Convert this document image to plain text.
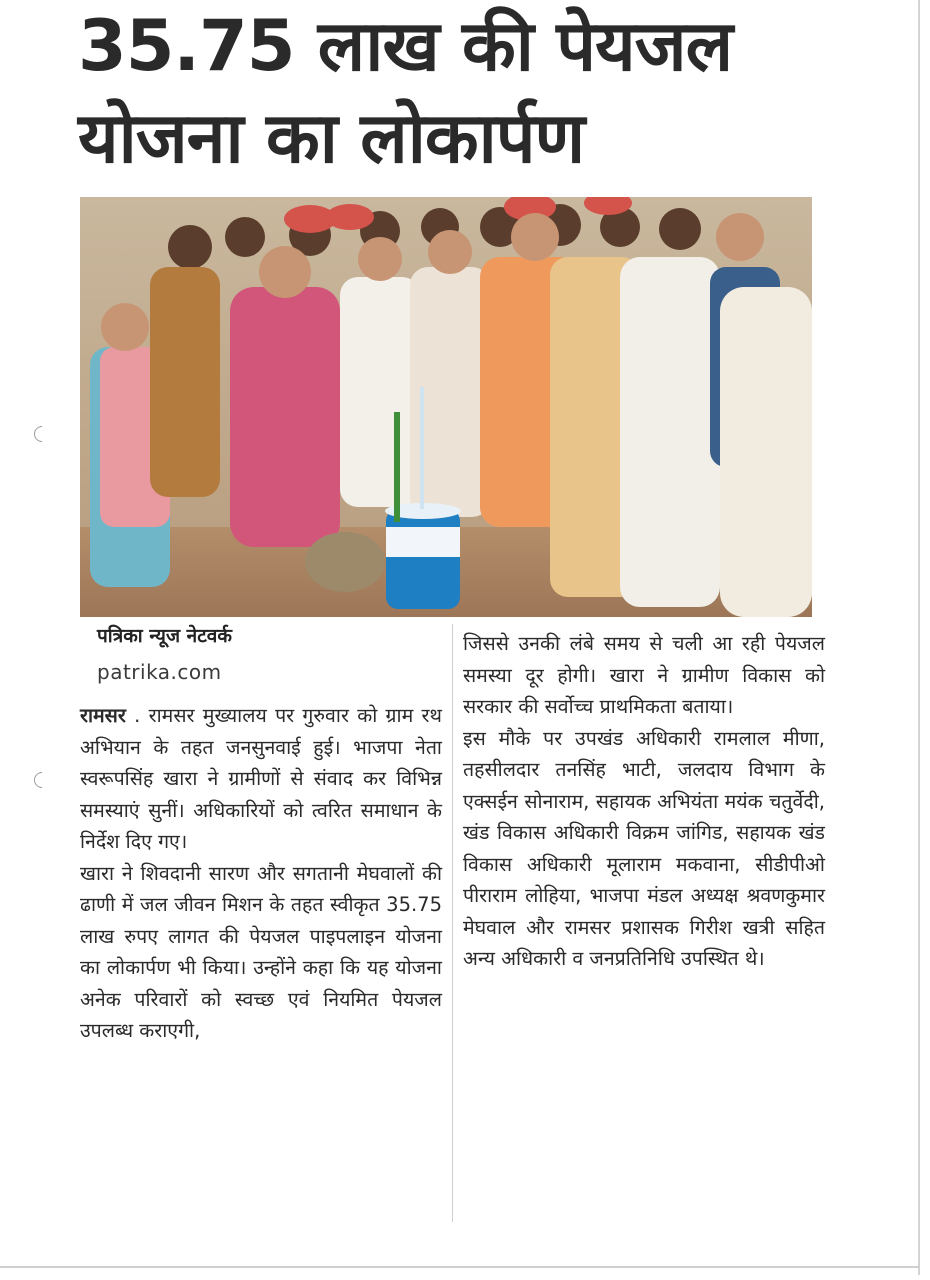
35.75 लाख की पेयजल
योजना का लोकार्पण
पत्रिका न्यूज नेटवर्क
patrika.com

रामसर . रामसर मुख्यालय पर गुरुवार को ग्राम रथ अभियान के तहत जनसुनवाई हुई। भाजपा नेता स्वरूपसिंह खारा ने ग्रामीणों से संवाद कर विभिन्न समस्याएं सुनीं। अधिकारियों को त्वरित समाधान के निर्देश दिए गए।

खारा ने शिवदानी सारण और सगतानी मेघवालों की ढाणी में जल जीवन मिशन के तहत स्वीकृत 35.75 लाख रुपए लागत की पेयजल पाइपलाइन योजना का लोकार्पण भी किया। उन्होंने कहा कि यह योजना अनेक परिवारों को स्वच्छ एवं नियमित पेयजल उपलब्ध कराएगी,

जिससे उनकी लंबे समय से चली आ रही पेयजल समस्या दूर होगी। खारा ने ग्रामीण विकास को सरकार की सर्वोच्च प्राथमिकता बताया।

इस मौके पर उपखंड अधिकारी रामलाल मीणा, तहसीलदार तनसिंह भाटी, जलदाय विभाग के एक्सईन सोनाराम, सहायक अभियंता मयंक चतुर्वेदी, खंड विकास अधिकारी विक्रम जांगिड, सहायक खंड विकास अधिकारी मूलाराम मकवाना, सीडीपीओ पीराराम लोहिया, भाजपा मंडल अध्यक्ष श्रवणकुमार मेघवाल और रामसर प्रशासक गिरीश खत्री सहित अन्य अधिकारी व जनप्रतिनिधि उपस्थित थे।
